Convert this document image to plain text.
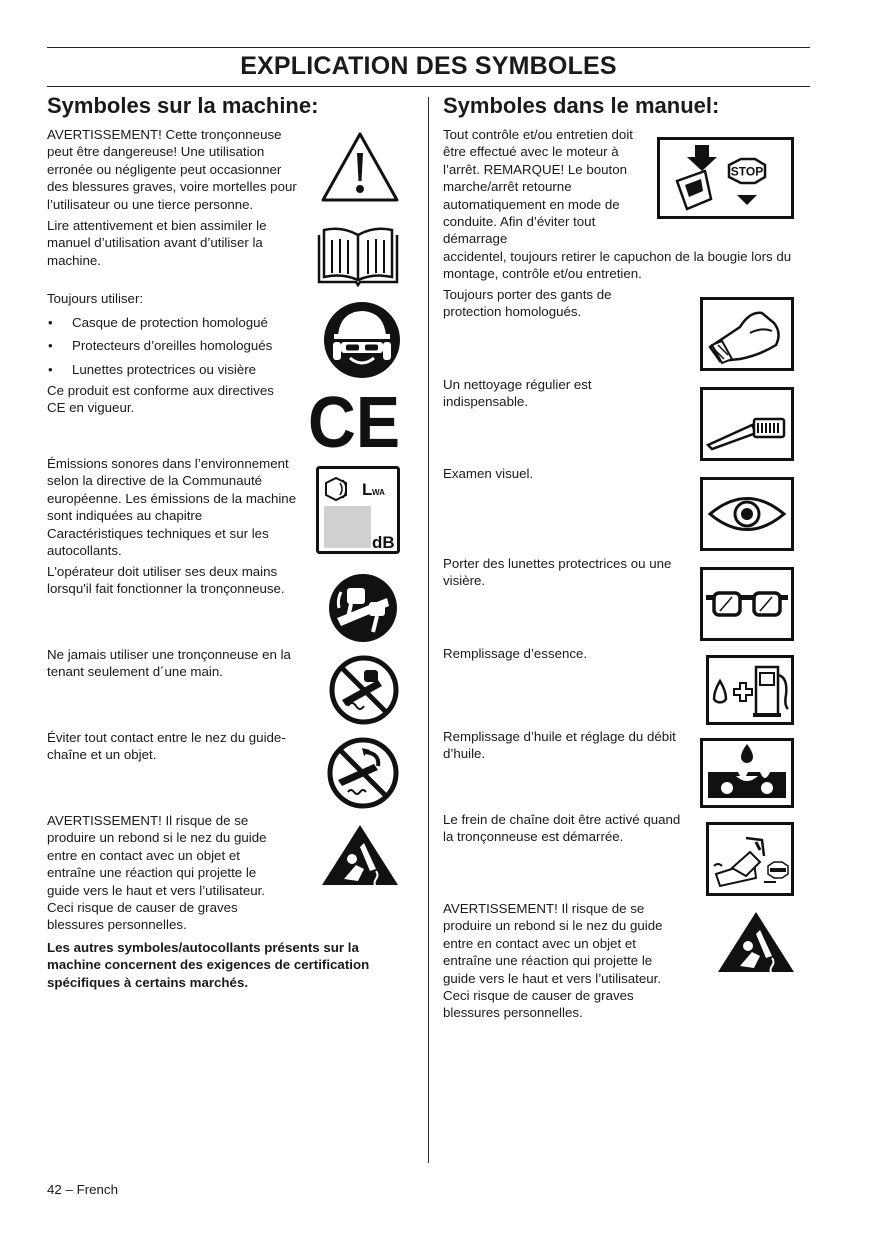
EXPLICATION DES SYMBOLES
Symboles sur la machine:	Symboles dans le manuel:

AVERTISSEMENT! Cette tronçonneuse peut être dangereuse! Une utilisation erronée ou négligente peut occasionner des blessures graves, voire mortelles pour l’utilisateur ou une tierce personne.

Lire attentivement et bien assimiler le manuel d’utilisation avant d’utiliser la machine.

Toujours utiliser:

• Casque de protection homologué
• Protecteurs d’oreilles homologués
• Lunettes protectrices ou visière

Ce produit est conforme aux directives CE en vigueur.	CE

Émissions sonores dans l’environnement selon la directive de la Communauté européenne. Les émissions de la machine sont indiquées au chapitre Caractéristiques techniques et sur les autocollants.

L WA
dB

L'opérateur doit utiliser ses deux mains lorsqu'il fait fonctionner la tronçonneuse.

Ne jamais utiliser une tronçonneuse en la tenant seulement d´une main.

Éviter tout contact entre le nez du guide-chaîne et un objet.

AVERTISSEMENT! Il risque de se produire un rebond si le nez du guide entre en contact avec un objet et entraîne une réaction qui projette le guide vers le haut et vers l’utilisateur. Ceci risque de causer de graves blessures personnelles.

Les autres symboles/autocollants présents sur la machine concernent des exigences de certification spécifiques à certains marchés.

Tout contrôle et/ou entretien doit être effectué avec le moteur à l’arrêt. REMARQUE! Le bouton marche/arrêt retourne automatiquement en mode de conduite. Afin d’éviter tout démarrage

accidentel, toujours retirer le capuchon de la bougie lors du montage, contrôle et/ou entretien.

STOP

Toujours porter des gants de protection homologués.

Un nettoyage régulier est indispensable.

Examen visuel.

Porter des lunettes protectrices ou une visière.

Remplissage d’essence.

Remplissage d’huile et réglage du débit d’huile.

Le frein de chaîne doit être activé quand la tronçonneuse est démarrée.

AVERTISSEMENT! Il risque de se produire un rebond si le nez du guide entre en contact avec un objet et entraîne une réaction qui projette le guide vers le haut et vers l’utilisateur. Ceci risque de causer de graves blessures personnelles.

42 – French
